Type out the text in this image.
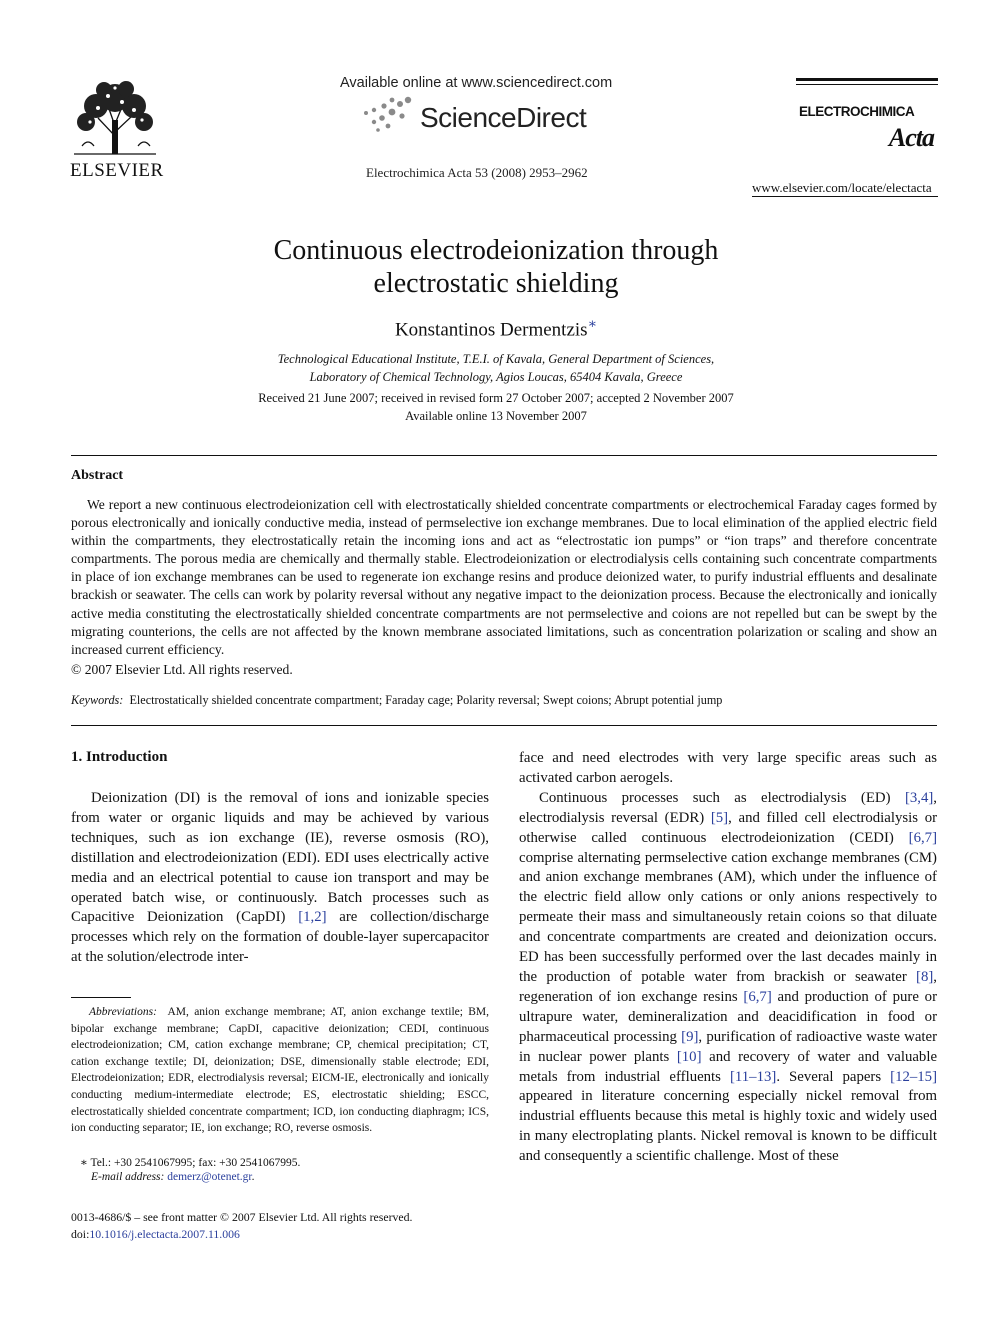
ELSEVIER
Available online at www.sciencedirect.com
ScienceDirect
Electrochimica Acta 53 (2008) 2953–2962
ELECTROCHIMICA
Acta
www.elsevier.com/locate/electacta
Continuous electrodeionization through
electrostatic shielding
Konstantinos Dermentzis∗
Technological Educational Institute, T.E.I. of Kavala, General Department of Sciences,
Laboratory of Chemical Technology, Agios Loucas, 65404 Kavala, Greece
Received 21 June 2007; received in revised form 27 October 2007; accepted 2 November 2007
Available online 13 November 2007
Abstract
We report a new continuous electrodeionization cell with electrostatically shielded concentrate compartments or electrochemical Faraday cages formed by porous electronically and ionically conductive media, instead of permselective ion exchange membranes. Due to local elimination of the applied electric field within the compartments, they electrostatically retain the incoming ions and act as “electrostatic ion pumps” or “ion traps” and therefore concentrate compartments. The porous media are chemically and thermally stable. Electrodeionization or electrodialysis cells containing such concentrate compartments in place of ion exchange membranes can be used to regenerate ion exchange resins and produce deionized water, to purify industrial effluents and desalinate brackish or seawater. The cells can work by polarity reversal without any negative impact to the deionization process. Because the electronically and ionically active media constituting the electrostatically shielded concentrate compartments are not permselective and coions are not repelled but can be swept by the migrating counterions, the cells are not affected by the known membrane associated limitations, such as concentration polarization or scaling and show an increased current efficiency.
© 2007 Elsevier Ltd. All rights reserved.
Keywords: Electrostatically shielded concentrate compartment; Faraday cage; Polarity reversal; Swept coions; Abrupt potential jump
1. Introduction
Deionization (DI) is the removal of ions and ionizable species from water or organic liquids and may be achieved by various techniques, such as ion exchange (IE), reverse osmosis (RO), distillation and electrodeionization (EDI). EDI uses electrically active media and an electrical potential to cause ion transport and may be operated batch wise, or continuously. Batch processes such as Capacitive Deionization (CapDI) [1,2] are collection/discharge processes which rely on the formation of double-layer supercapacitor at the solution/electrode inter-

face and need electrodes with very large specific areas such as activated carbon aerogels.

Continuous processes such as electrodialysis (ED) [3,4], electrodialysis reversal (EDR) [5], and filled cell electrodialysis or otherwise called continuous electrodeionization (CEDI) [6,7] comprise alternating permselective cation exchange membranes (CM) and anion exchange membranes (AM), which under the influence of the electric field allow only cations or only anions respectively to permeate their mass and simultaneously retain coions so that diluate and concentrate compartments are created and deionization occurs. ED has been successfully performed over the last decades mainly in the production of potable water from brackish or seawater [8], regeneration of ion exchange resins [6,7] and production of pure or ultrapure water, demineralization and deacidification in food or pharmaceutical processing [9], purification of radioactive waste water in nuclear power plants [10] and recovery of water and valuable metals from industrial effluents [11–13]. Several papers [12–15] appeared in literature concerning especially nickel removal from industrial effluents because this metal is highly toxic and widely used in many electroplating plants. Nickel removal is known to be difficult and consequently a scientific challenge. Most of these

Abbreviations: AM, anion exchange membrane; AT, anion exchange textile; BM, bipolar exchange membrane; CapDI, capacitive deionization; CEDI, continuous electrodeionization; CM, cation exchange membrane; CP, chemical precipitation; CT, cation exchange textile; DI, deionization; DSE, dimensionally stable electrode; EDI, Electrodeionization; EDR, electrodialysis reversal; EICM-IE, electronically and ionically conducting medium-intermediate electrode; ES, electrostatic shielding; ESCC, electrostatically shielded concentrate compartment; ICD, ion conducting diaphragm; ICS, ion conducting separator; IE, ion exchange; RO, reverse osmosis.
∗ Tel.: +30 2541067995; fax: +30 2541067995.
E-mail address: demerz@otenet.gr.
0013-4686/$ – see front matter © 2007 Elsevier Ltd. All rights reserved.
doi:10.1016/j.electacta.2007.11.006
